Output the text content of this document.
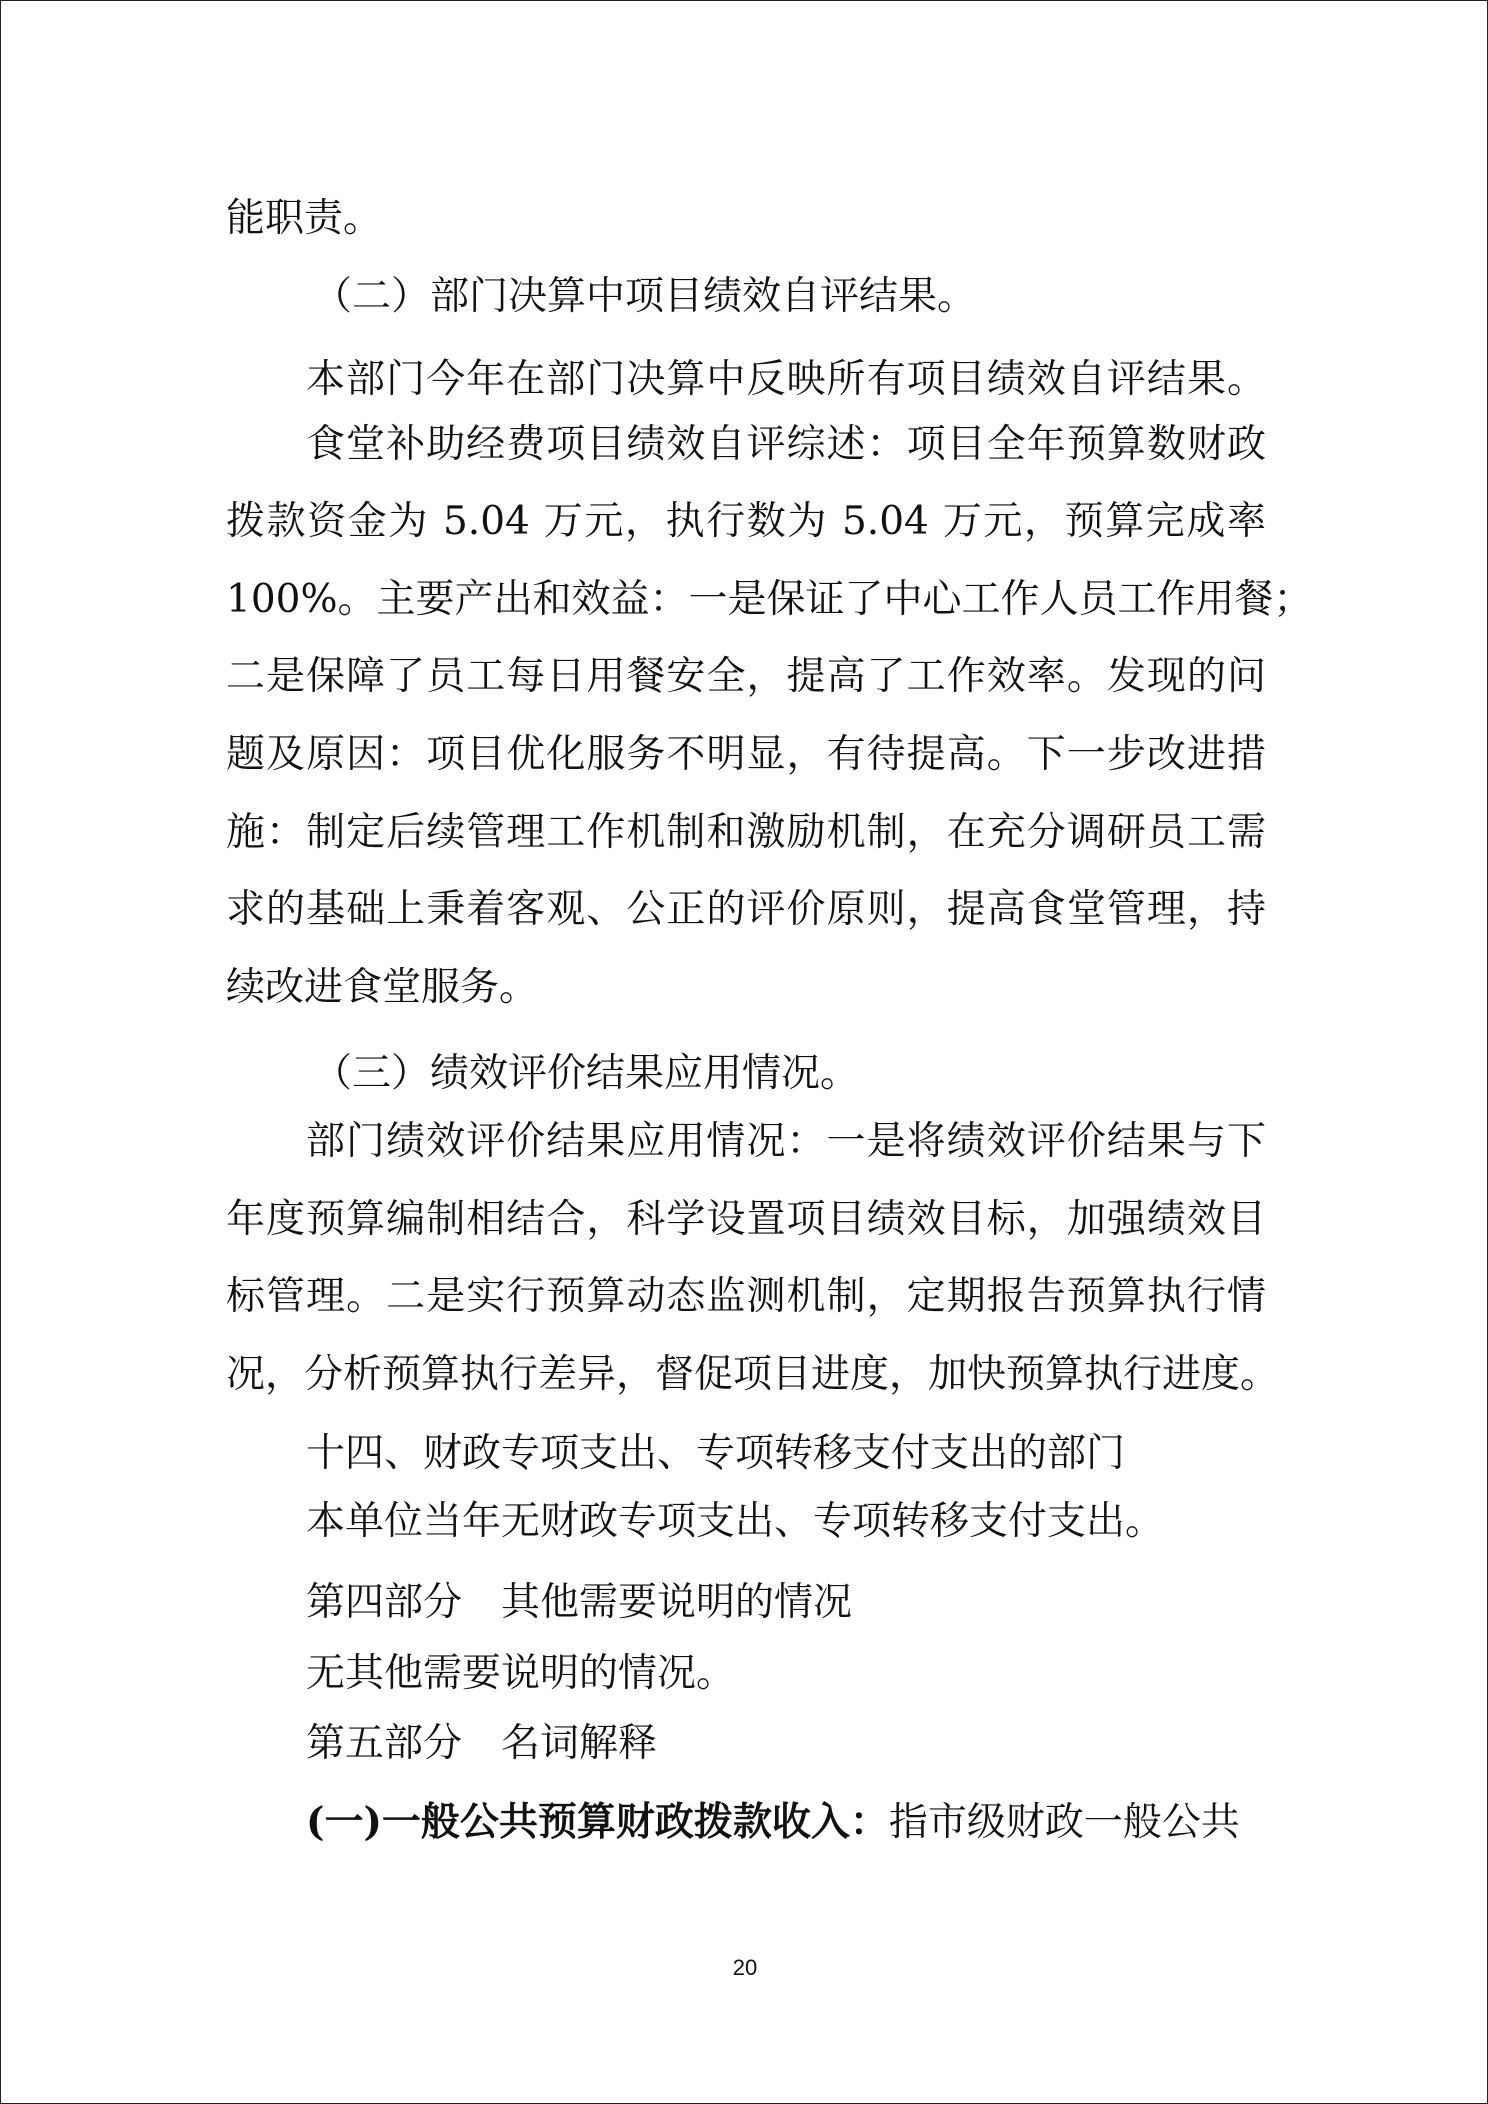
能职责。
（二）部门决算中项目绩效自评结果。
本部门今年在部门决算中反映所有项目绩效自评结果。
食堂补助经费项目绩效自评综述：项目全年预算数财政
拨款资金为 5.04 万元，执行数为 5.04 万元，预算完成率
100%。主要产出和效益：一是保证了中心工作人员工作用餐；
二是保障了员工每日用餐安全，提高了工作效率。发现的问
题及原因：项目优化服务不明显，有待提高。下一步改进措
施：制定后续管理工作机制和激励机制，在充分调研员工需
求的基础上秉着客观、公正的评价原则，提高食堂管理，持
续改进食堂服务。
（三）绩效评价结果应用情况。
部门绩效评价结果应用情况：一是将绩效评价结果与下
年度预算编制相结合，科学设置项目绩效目标，加强绩效目
标管理。二是实行预算动态监测机制，定期报告预算执行情
况，分析预算执行差异，督促项目进度，加快预算执行进度。
十四、财政专项支出、专项转移支付支出的部门
本单位当年无财政专项支出、专项转移支付支出。
第四部分　其他需要说明的情况
无其他需要说明的情况。
第五部分　名词解释
(一)一般公共预算财政拨款收入：指市级财政一般公共
20
